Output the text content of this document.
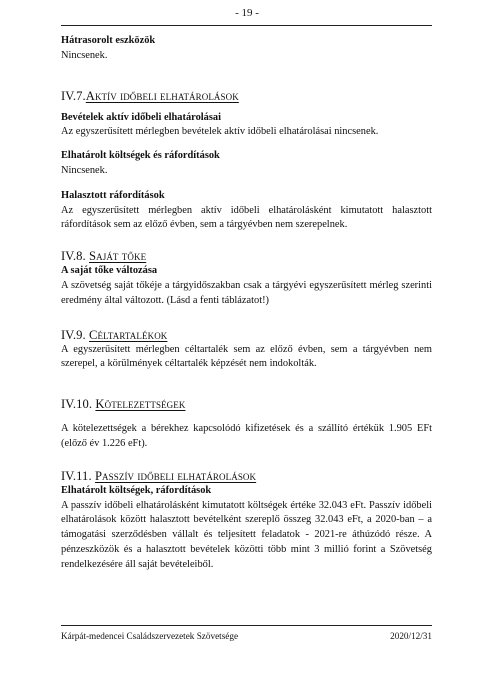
- 19 -
Hátrasorolt eszközök
Nincsenek.
IV.7.Aktív időbeli elhatárolások
Bevételek aktív időbeli elhatárolásai
Az egyszerűsített mérlegben bevételek aktív időbeli elhatárolásai nincsenek.
Elhatárolt költségek és ráfordítások
Nincsenek.
Halasztott ráfordítások
Az egyszerűsített mérlegben aktív időbeli elhatárolásként kimutatott halasztott ráfordítások sem az előző évben, sem a tárgyévben nem szerepelnek.
IV.8. Saját tőke
A saját tőke változása
A szövetség saját tőkéje a tárgyidőszakban csak a tárgyévi egyszerűsített mérleg szerinti eredmény által változott. (Lásd a fenti táblázatot!)
IV.9. Céltartalékok
A egyszerűsített mérlegben céltartalék sem az előző évben, sem a tárgyévben nem szerepel, a körülmények céltartalék képzését nem indokolták.
IV.10. Kötelezettségek
A kötelezettségek a bérekhez kapcsolódó kifizetések és a szállító értékük 1.905 EFt (előző év 1.226 eFt).
IV.11. Passzív időbeli elhatárolások
Elhatárolt költségek, ráfordítások
A passzív időbeli elhatárolásként kimutatott költségek értéke 32.043 eFt. Passzív időbeli elhatárolások között halasztott bevételként szereplő összeg 32.043 eFt, a 2020-ban – a támogatási szerződésben vállalt és teljesített feladatok - 2021-re áthúzódó része. A pénzeszközök és a halasztott bevételek közötti több mint 3 millió forint a Szövetség rendelkezésére áll saját bevételeiből.
Kárpát-medencei Családszervezetek Szövetsége	2020/12/31
